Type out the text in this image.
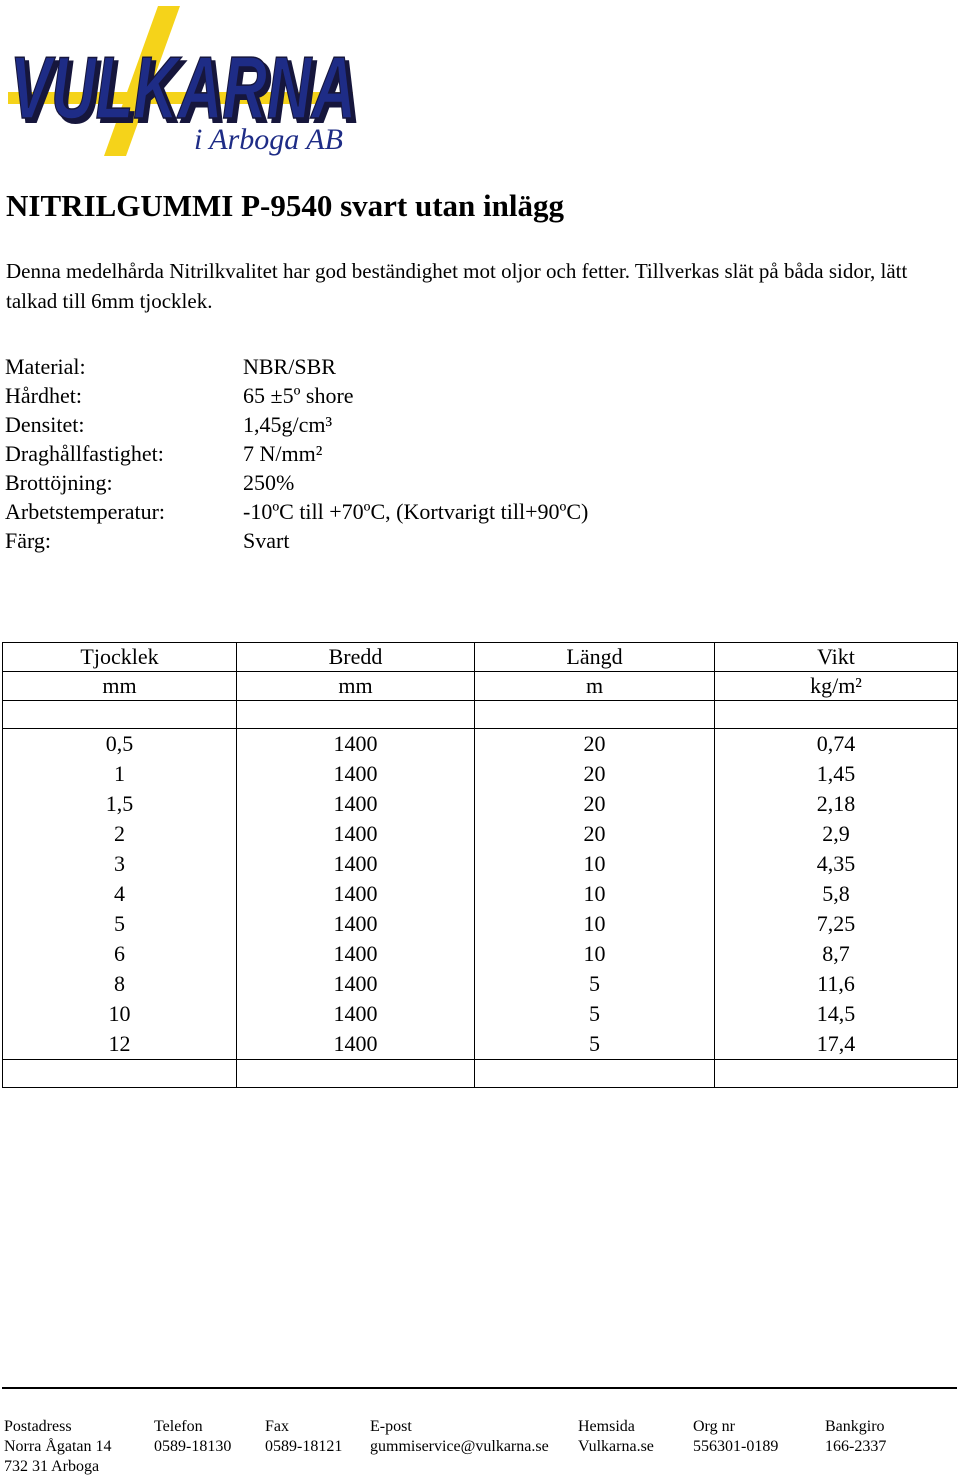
VULKARNA
VULKARNA
i Arboga AB
NITRILGUMMI P-9540 svart utan inlägg

Denna medelhårda Nitrilkvalitet har god beständighet mot oljor och fetter. Tillverkas slät på båda sidor, lätt talkad till 6mm tjocklek.

Material:	NBR/SBR
Hårdhet:	65 ±5º shore
Densitet:	1,45g/cm³
Draghållfastighet:	7 N/mm²
Brottöjning:	250%
Arbetstemperatur:	-10ºC till +70ºC, (Kortvarigt till+90ºC)
Färg:	Svart
Tjocklek	Bredd	Längd	Vikt
mm	mm	m	kg/m²

0,5	1400	20	0,74
1	1400	20	1,45
1,5	1400	20	2,18
2	1400	20	2,9
3	1400	10	4,35
4	1400	10	5,8
5	1400	10	7,25
6	1400	10	8,7
8	1400	5	11,6
10	1400	5	14,5
12	1400	5	17,4

Postadress
Norra Ågatan 14
732 31 Arboga
Telefon
0589-18130
Fax
0589-18121
E-post
gummiservice@vulkarna.se
Hemsida
Vulkarna.se
Org nr
556301-0189
Bankgiro
166-2337
